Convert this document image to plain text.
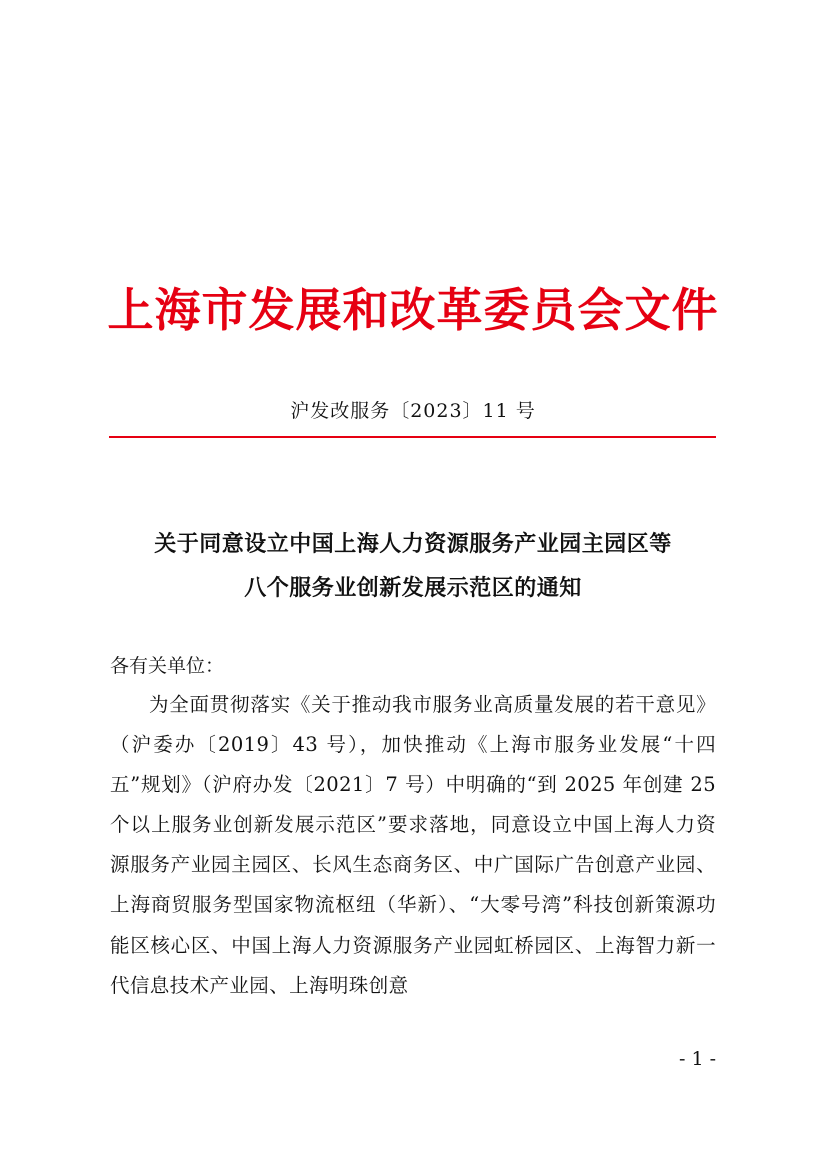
上海市发展和改革委员会文件
沪发改服务〔2023〕11 号
关于同意设立中国上海人力资源服务产业园主园区等
八个服务业创新发展示范区的通知
各有关单位：
为全面贯彻落实《关于推动我市服务业高质量发展的若干意见》（沪委办〔2019〕43 号），加快推动《上海市服务业发展“十四五”规划》（沪府办发〔2021〕7 号）中明确的“到 2025 年创建 25 个以上服务业创新发展示范区”要求落地，同意设立中国上海人力资源服务产业园主园区、长风生态商务区、中广国际广告创意产业园、上海商贸服务型国家物流枢纽（华新）、“大零号湾”科技创新策源功能区核心区、中国上海人力资源服务产业园虹桥园区、上海智力新一代信息技术产业园、上海明珠创意
- 1 -
